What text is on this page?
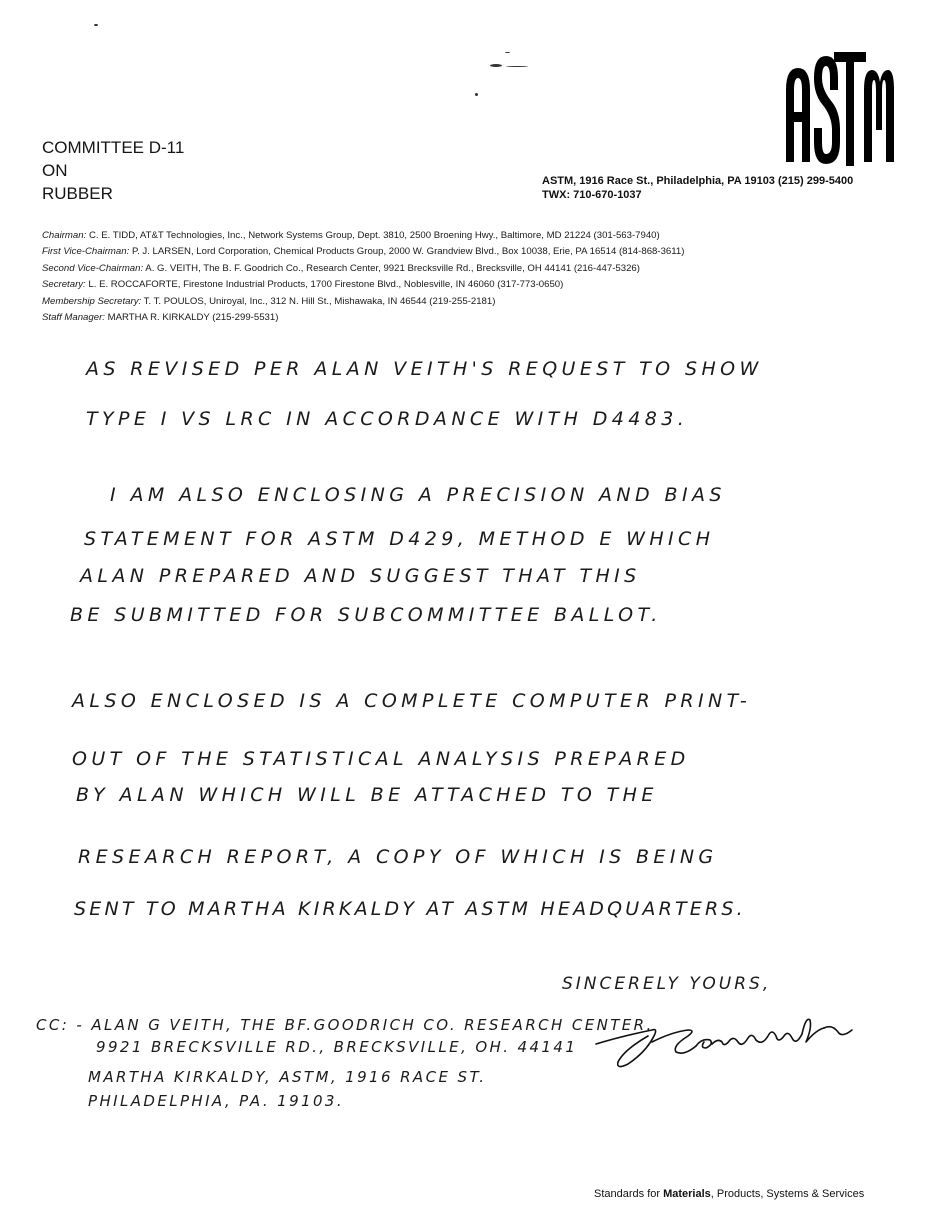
COMMITTEE D-11
ON
RUBBER
ASTM, 1916 Race St., Philadelphia, PA 19103 (215) 299-5400
TWX: 710-670-1037
Chairman: C. E. TIDD, AT&T Technologies, Inc., Network Systems Group, Dept. 3810, 2500 Broening Hwy., Baltimore, MD 21224 (301-563-7940)
First Vice-Chairman: P. J. LARSEN, Lord Corporation, Chemical Products Group, 2000 W. Grandview Blvd., Box 10038, Erie, PA 16514 (814-868-3611)
Second Vice-Chairman: A. G. VEITH, The B. F. Goodrich Co., Research Center, 9921 Brecksville Rd., Brecksville, OH 44141 (216-447-5326)
Secretary: L. E. ROCCAFORTE, Firestone Industrial Products, 1700 Firestone Blvd., Noblesville, IN 46060 (317-773-0650)
Membership Secretary: T. T. POULOS, Uniroyal, Inc., 312 N. Hill St., Mishawaka, IN 46544 (219-255-2181)
Staff Manager: MARTHA R. KIRKALDY (215-299-5531)
AS REVISED PER ALAN VEITH'S REQUEST TO SHOW
TYPE I VS LRC IN ACCORDANCE WITH D4483.
I AM ALSO ENCLOSING A PRECISION AND BIAS
STATEMENT FOR ASTM D429, METHOD E WHICH
ALAN PREPARED AND SUGGEST THAT THIS
BE SUBMITTED FOR SUBCOMMITTEE BALLOT.
ALSO ENCLOSED IS A COMPLETE COMPUTER PRINT-
OUT OF THE STATISTICAL ANALYSIS PREPARED
BY ALAN WHICH WILL BE ATTACHED TO THE
RESEARCH REPORT, A COPY OF WHICH IS BEING
SENT TO MARTHA KIRKALDY AT ASTM HEADQUARTERS.
SINCERELY YOURS,
CC: - ALAN G VEITH, THE BF.GOODRICH CO. RESEARCH CENTER.
9921 BRECKSVILLE RD., BRECKSVILLE, OH. 44141
MARTHA KIRKALDY, ASTM, 1916 RACE ST.
PHILADELPHIA, PA. 19103.
Standards for Materials, Products, Systems & Services
